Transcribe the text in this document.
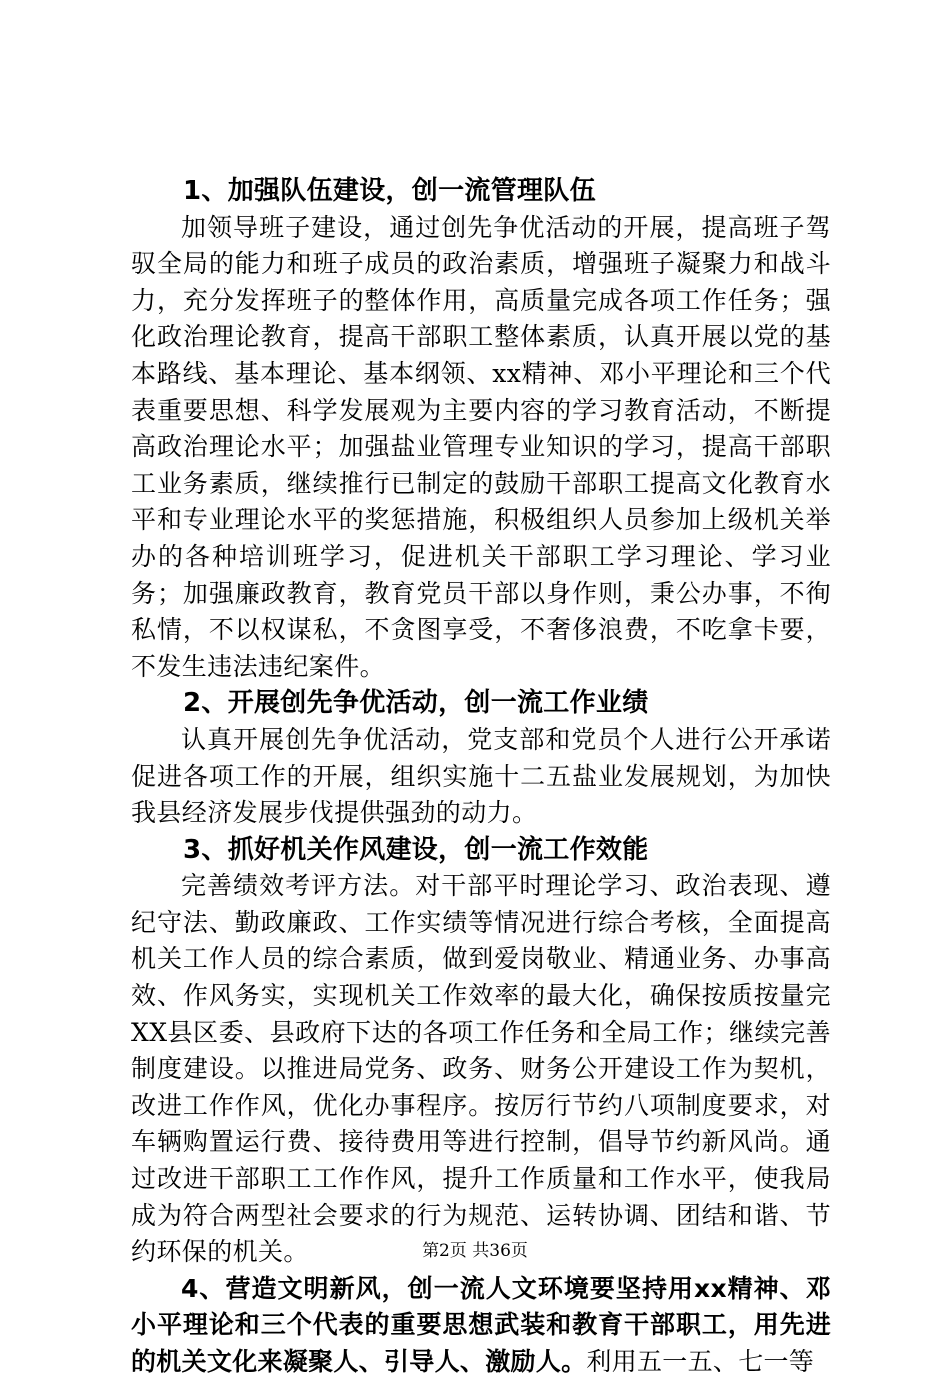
1、加强队伍建设，创一流管理队伍

加领导班子建设，通过创先争优活动的开展，提高班子驾驭全局的能力和班子成员的政治素质，增强班子凝聚力和战斗力，充分发挥班子的整体作用，高质量完成各项工作任务；强化政治理论教育，提高干部职工整体素质，认真开展以党的基本路线、基本理论、基本纲领、xx精神、邓小平理论和三个代表重要思想、科学发展观为主要内容的学习教育活动，不断提高政治理论水平；加强盐业管理专业知识的学习，提高干部职工业务素质，继续推行已制定的鼓励干部职工提高文化教育水平和专业理论水平的奖惩措施，积极组织人员参加上级机关举办的各种培训班学习，促进机关干部职工学习理论、学习业务；加强廉政教育，教育党员干部以身作则，秉公办事，不徇私情，不以权谋私，不贪图享受，不奢侈浪费，不吃拿卡要，不发生违法违纪案件。

2、开展创先争优活动，创一流工作业绩

认真开展创先争优活动，党支部和党员个人进行公开承诺促进各项工作的开展，组织实施十二五盐业发展规划，为加快我县经济发展步伐提供强劲的动力。

3、抓好机关作风建设，创一流工作效能

完善绩效考评方法。对干部平时理论学习、政治表现、遵纪守法、勤政廉政、工作实绩等情况进行综合考核，全面提高机关工作人员的综合素质，做到爱岗敬业、精通业务、办事高效、作风务实，实现机关工作效率的最大化，确保按质按量完XX县区委、县政府下达的各项工作任务和全局工作；继续完善制度建设。以推进局党务、政务、财务公开建设工作为契机，改进工作作风，优化办事程序。按厉行节约八项制度要求，对车辆购置运行费、接待费用等进行控制，倡导节约新风尚。通过改进干部职工工作作风，提升工作质量和工作水平，使我局成为符合两型社会要求的行为规范、运转协调、团结和谐、节约环保的机关。

4、营造文明新风，创一流人文环境要坚持用xx精神、邓小平理论和三个代表的重要思想武装和教育干部职工，用先进的机关文化来凝聚人、引导人、激励人。利用五一五、七一等

第2页 共36页
